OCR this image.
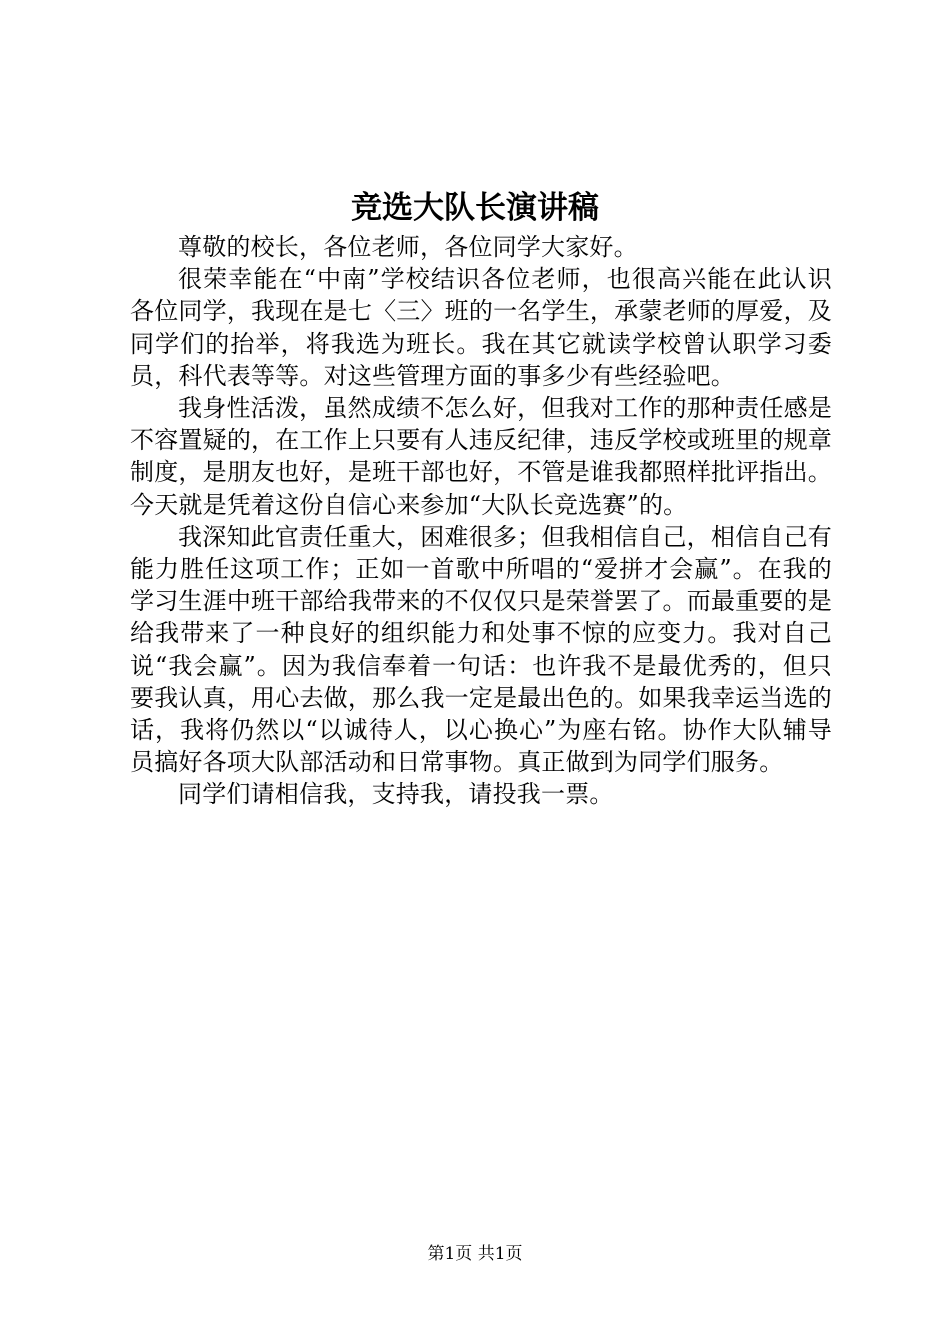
竞选大队长演讲稿

尊敬的校长，各位老师，各位同学大家好。

很荣幸能在“中南”学校结识各位老师，也很高兴能在此认识各位同学，我现在是七〈三〉班的一名学生，承蒙老师的厚爱，及同学们的抬举，将我选为班长。我在其它就读学校曾认职学习委员，科代表等等。对这些管理方面的事多少有些经验吧。

我身性活泼，虽然成绩不怎么好，但我对工作的那种责任感是不容置疑的，在工作上只要有人违反纪律，违反学校或班里的规章制度，是朋友也好，是班干部也好，不管是谁我都照样批评指出。今天就是凭着这份自信心来参加“大队长竞选赛”的。

我深知此官责任重大，困难很多；但我相信自己，相信自己有能力胜任这项工作；正如一首歌中所唱的“爱拼才会赢”。在我的学习生涯中班干部给我带来的不仅仅只是荣誉罢了。而最重要的是给我带来了一种良好的组织能力和处事不惊的应变力。我对自己说“我会赢”。因为我信奉着一句话：也许我不是最优秀的，但只要我认真，用心去做，那么我一定是最出色的。如果我幸运当选的话，我将仍然以“以诚待人，以心换心”为座右铭。协作大队辅导员搞好各项大队部活动和日常事物。真正做到为同学们服务。

同学们请相信我，支持我，请投我一票。

第1页 共1页
